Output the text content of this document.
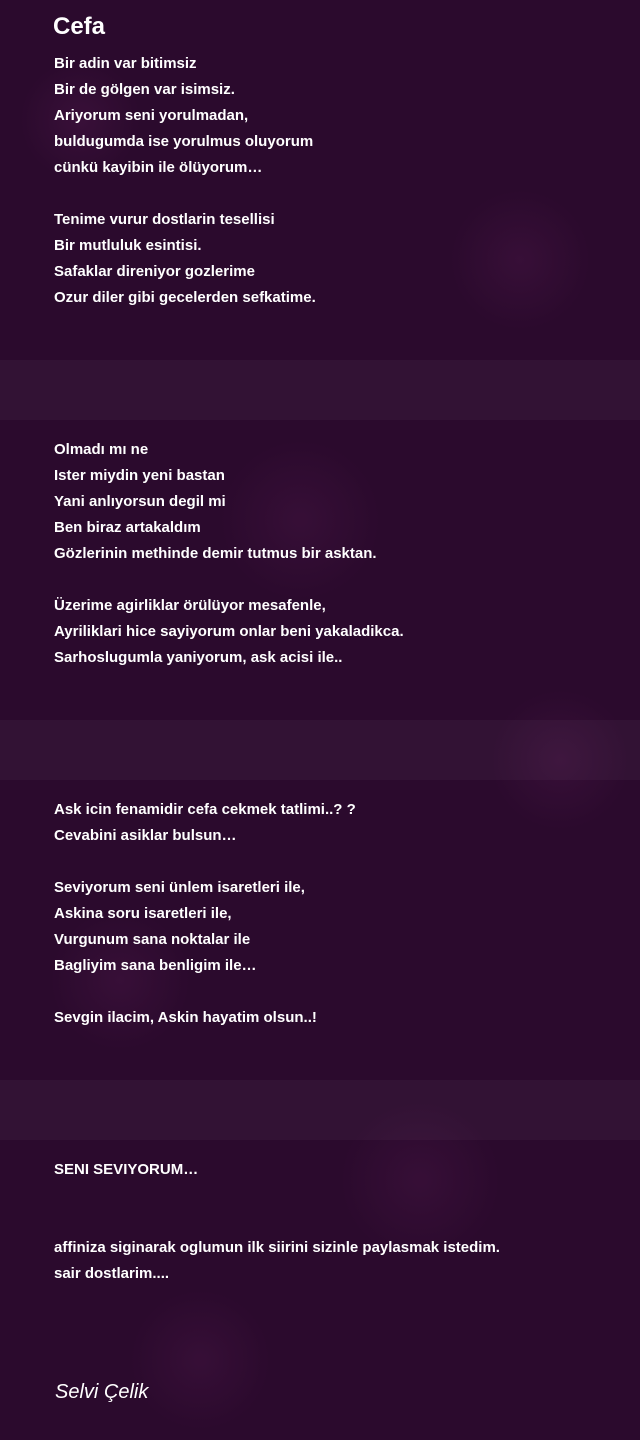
Cefa
Bir adin var bitimsiz
Bir de gölgen var isimsiz.
Ariyorum seni yorulmadan,
buldugumda ise yorulmus oluyorum
cünkü kayibin ile ölüyorum…
Tenime vurur dostlarin tesellisi
Bir mutluluk esintisi.
Safaklar direniyor gozlerime
Ozur diler gibi gecelerden sefkatime.
Olmadı mı ne
Ister miydin yeni bastan
Yani anlıyorsun degil mi
Ben biraz artakaldım
Gözlerinin methinde demir tutmus bir asktan.
Üzerime agirliklar örülüyor mesafenle,
Ayriliklari hice sayiyorum onlar beni yakaladikca.
Sarhoslugumla yaniyorum, ask acisi ile..
Ask icin fenamidir cefa cekmek tatlimi..? ?
Cevabini asiklar bulsun…
Seviyorum seni ünlem isaretleri ile,
Askina soru isaretleri ile,
Vurgunum sana noktalar ile
Bagliyim sana benligim ile…
Sevgin ilacim, Askin hayatim olsun..!
SENI SEVIYORUM…
affiniza siginarak oglumun ilk siirini sizinle paylasmak istedim.
sair dostlarim....

Selvi Çelik
